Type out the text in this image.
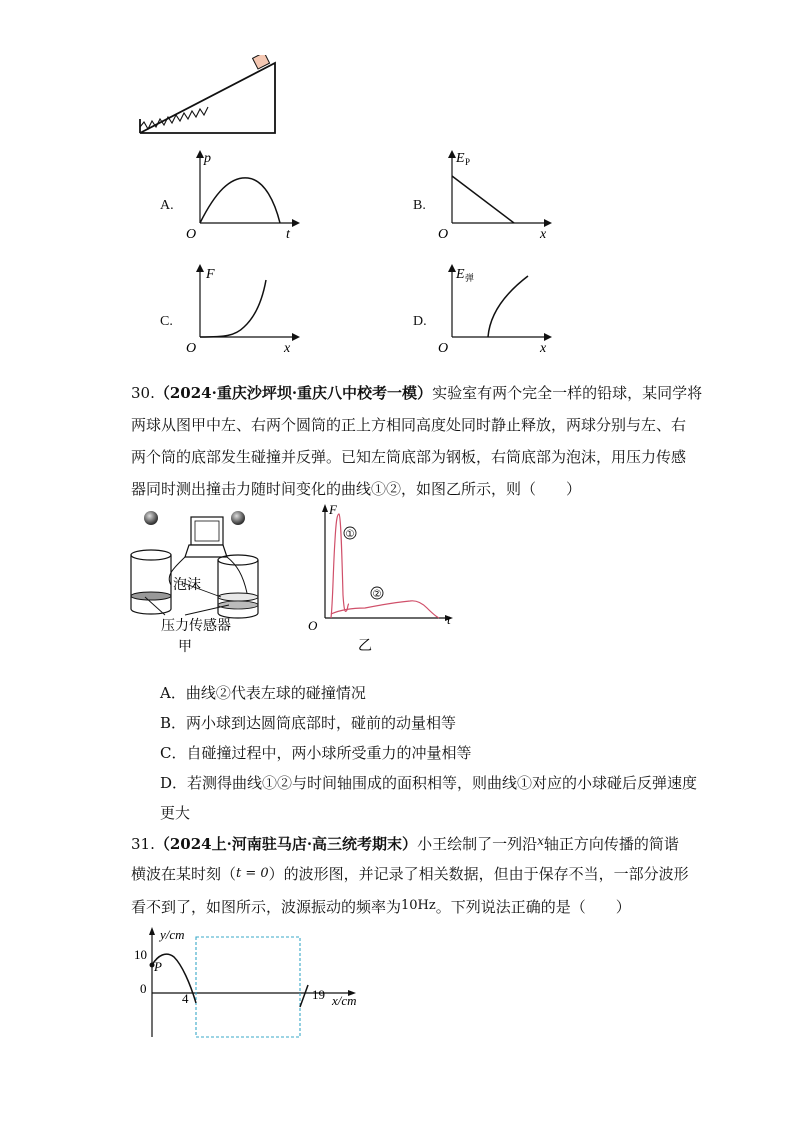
A.
p
O	t
B.
E P
O	x
C.
F
O	x
D.
E 弹
O	x
30.（2024·重庆沙坪坝·重庆八中校考一模）实验室有两个完全一样的铅球，某同学将
两球从图甲中左、右两个圆筒的正上方相同高度处同时静止释放，两球分别与左、右
两个筒的底部发生碰撞并反弹。已知左筒底部为钢板，右筒底部为泡沫，用压力传感
器同时测出撞击力随时间变化的曲线①②，如图乙所示，则（　　）
泡沫
压力传感器
甲
①
②
F
O	t
乙
A．曲线②代表左球的碰撞情况
B．两小球到达圆筒底部时，碰前的动量相等
C．自碰撞过程中，两小球所受重力的冲量相等
D．若测得曲线①②与时间轴围成的面积相等，则曲线①对应的小球碰后反弹速度
更大
31.（2024上·河南驻马店·高三统考期末）小王绘制了一列沿$^x$轴正方向传播的简谐
横波在某时刻（t = 0）的波形图，并记录了相关数据，但由于保存不当，一部分波形
看不到了，如图所示，波源振动的频率为10Hz。下列说法正确的是（　　）
P
y/cm
10
0
4	19 x/cm
